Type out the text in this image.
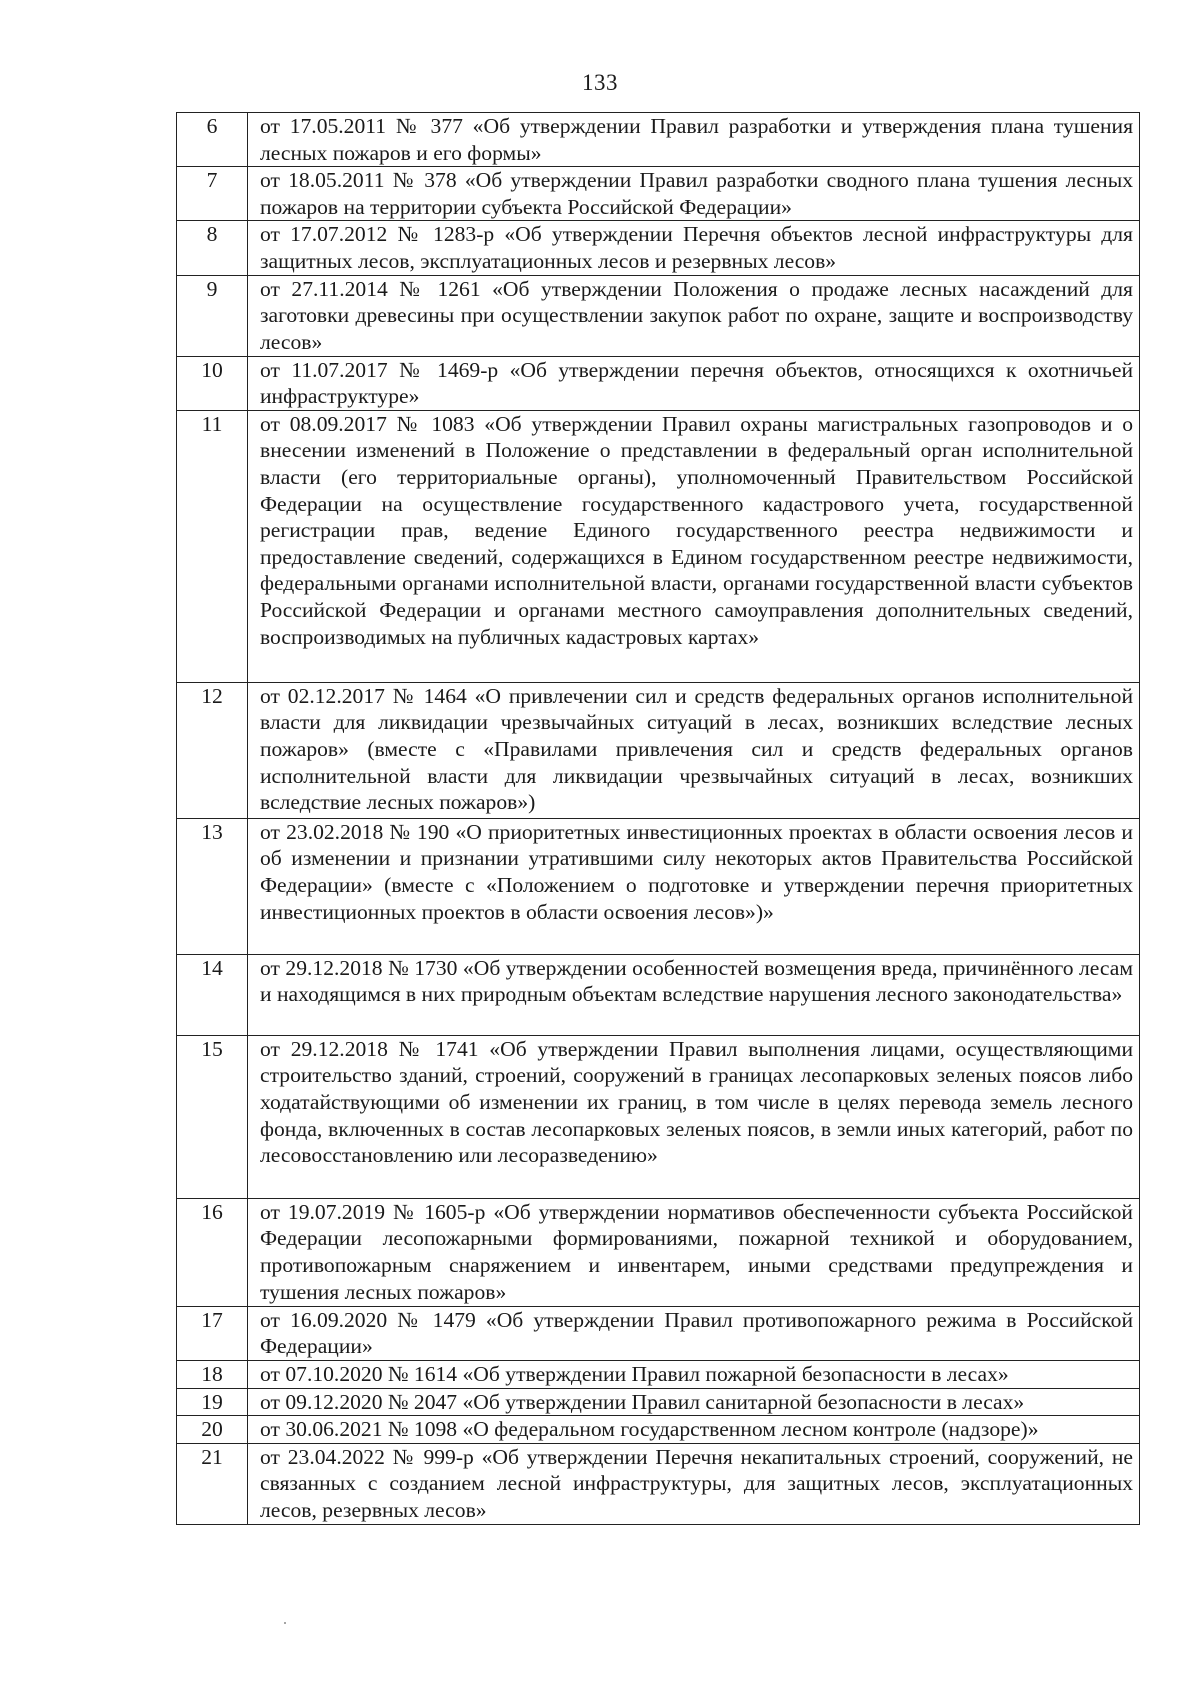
133
6	от 17.05.2011 № 377 «Об утверждении Правил разработки и утверждения плана тушения лесных пожаров и его формы»
7	от 18.05.2011 № 378 «Об утверждении Правил разработки сводного плана тушения лесных пожаров на территории субъекта Российской Федерации»
8	от 17.07.2012 № 1283-р «Об утверждении Перечня объектов лесной инфраструктуры для защитных лесов, эксплуатационных лесов и резервных лесов»
9	от 27.11.2014 № 1261 «Об утверждении Положения о продаже лесных насаждений для заготовки древесины при осуществлении закупок работ по охране, защите и воспроизводству лесов»
10	от 11.07.2017 № 1469-р «Об утверждении перечня объектов, относящихся к охотничьей инфраструктуре»
11	от 08.09.2017 № 1083 «Об утверждении Правил охраны магистральных газопроводов и о внесении изменений в Положение о представлении в федеральный орган исполнительной власти (его территориальные органы), уполномоченный Правительством Российской Федерации на осуществление государственного кадастрового учета, государственной регистрации прав, ведение Единого государственного реестра недвижимости и предоставление сведений, содержащихся в Едином государственном реестре недвижимости, федеральными органами исполнительной власти, органами государственной власти субъектов Российской Федерации и органами местного самоуправления дополнительных сведений, воспроизводимых на публичных кадастровых картах»
12	от 02.12.2017 № 1464 «О привлечении сил и средств федеральных органов исполнительной власти для ликвидации чрезвычайных ситуаций в лесах, возникших вследствие лесных пожаров» (вместе с «Правилами привлечения сил и средств федеральных органов исполнительной власти для ликвидации чрезвычайных ситуаций в лесах, возникших вследствие лесных пожаров»)
13	от 23.02.2018 № 190 «О приоритетных инвестиционных проектах в области освоения лесов и об изменении и признании утратившими силу некоторых актов Правительства Российской Федерации» (вместе с «Положением о подготовке и утверждении перечня приоритетных инвестиционных проектов в области освоения лесов»)»
14	от 29.12.2018 № 1730 «Об утверждении особенностей возмещения вреда, причинённого лесам и находящимся в них природным объектам вследствие нарушения лесного законодательства»
15	от 29.12.2018 № 1741 «Об утверждении Правил выполнения лицами, осуществляющими строительство зданий, строений, сооружений в границах лесопарковых зеленых поясов либо ходатайствующими об изменении их границ, в том числе в целях перевода земель лесного фонда, включенных в состав лесопарковых зеленых поясов, в земли иных категорий, работ по лесовосстановлению или лесоразведению»
16	от 19.07.2019 № 1605-р «Об утверждении нормативов обеспеченности субъекта Российской Федерации лесопожарными формированиями, пожарной техникой и оборудованием, противопожарным снаряжением и инвентарем, иными средствами предупреждения и тушения лесных пожаров»
17	от 16.09.2020 № 1479 «Об утверждении Правил противопожарного режима в Российской Федерации»
18	от 07.10.2020 № 1614 «Об утверждении Правил пожарной безопасности в лесах»
19	от 09.12.2020 № 2047 «Об утверждении Правил санитарной безопасности в лесах»
20	от 30.06.2021 № 1098 «О федеральном государственном лесном контроле (надзоре)»
21	от 23.04.2022 № 999-р «Об утверждении Перечня некапитальных строений, сооружений, не связанных с созданием лесной инфраструктуры, для защитных лесов, эксплуатационных лесов, резервных лесов»
